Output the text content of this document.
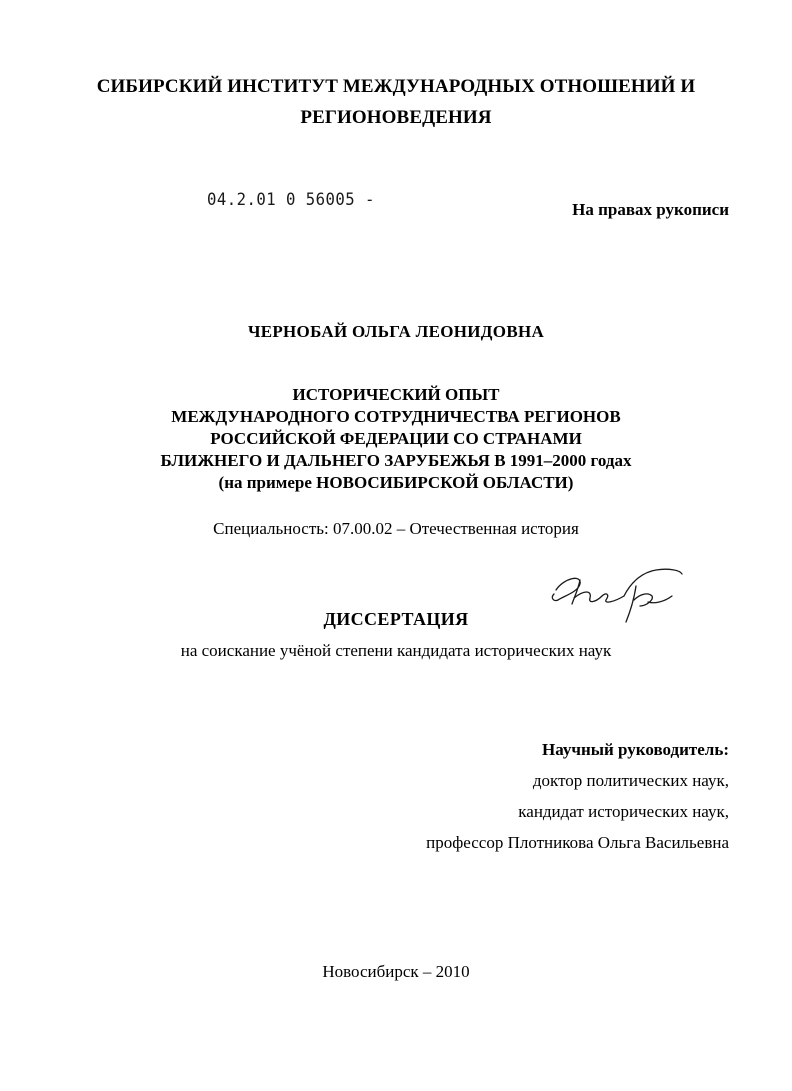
СИБИРСКИЙ ИНСТИТУТ МЕЖДУНАРОДНЫХ ОТНОШЕНИЙ И
РЕГИОНОВЕДЕНИЯ
04.2.01 0 56005 -	На правах рукописи
ЧЕРНОБАЙ ОЛЬГА ЛЕОНИДОВНА
ИСТОРИЧЕСКИЙ ОПЫТ
МЕЖДУНАРОДНОГО СОТРУДНИЧЕСТВА РЕГИОНОВ
РОССИЙСКОЙ ФЕДЕРАЦИИ СО СТРАНАМИ
БЛИЖНЕГО И ДАЛЬНЕГО ЗАРУБЕЖЬЯ В 1991–2000 годах
(на примере НОВОСИБИРСКОЙ ОБЛАСТИ)
Специальность: 07.00.02 – Отечественная история
ДИССЕРТАЦИЯ
на соискание учёной степени кандидата исторических наук
Научный руководитель:
доктор политических наук,
кандидат исторических наук,
профессор Плотникова Ольга Васильевна
Новосибирск – 2010
